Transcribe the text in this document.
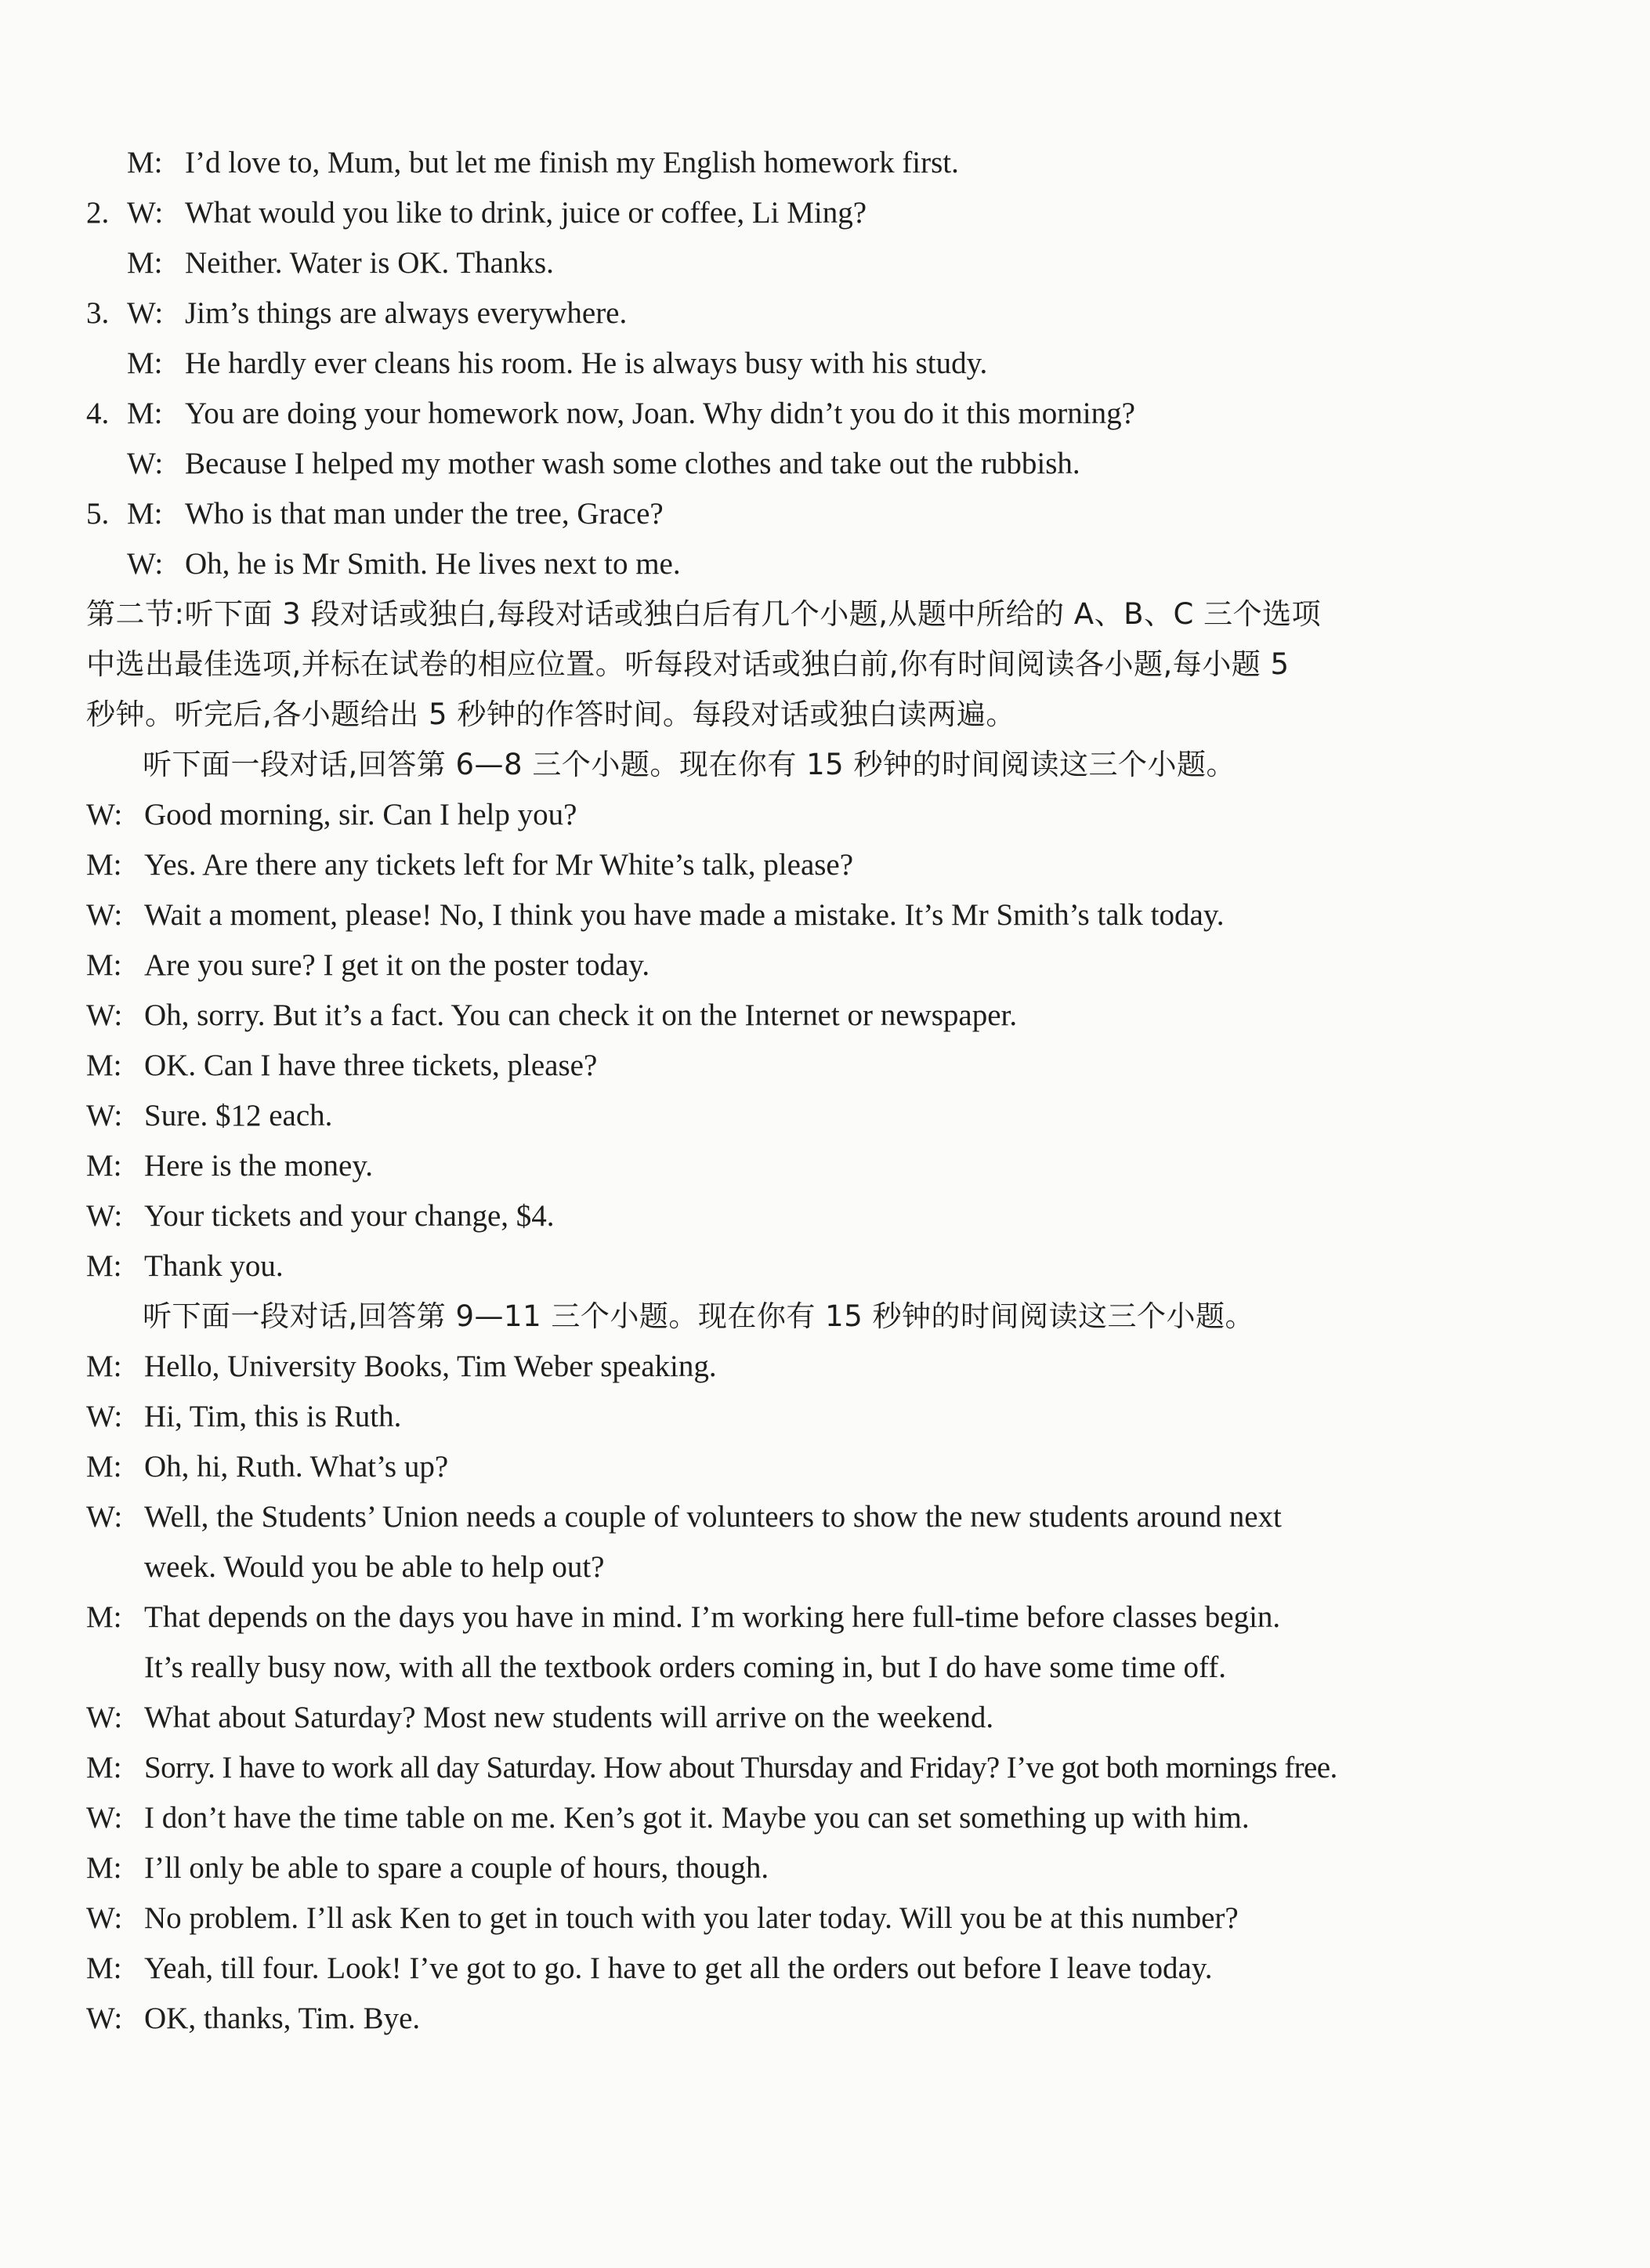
M: I’d love to, Mum, but let me finish my English homework first.
2. W: What would you like to drink, juice or coffee, Li Ming?
M: Neither. Water is OK. Thanks.
3. W: Jim’s things are always everywhere.
M: He hardly ever cleans his room. He is always busy with his study.
4. M: You are doing your homework now, Joan. Why didn’t you do it this morning?
W: Because I helped my mother wash some clothes and take out the rubbish.
5. M: Who is that man under the tree, Grace?
W: Oh, he is Mr Smith. He lives next to me.
第二节:听下面 3 段对话或独白,每段对话或独白后有几个小题,从题中所给的 A、B、C 三个选项
中选出最佳选项,并标在试卷的相应位置。听每段对话或独白前,你有时间阅读各小题,每小题 5
秒钟。听完后,各小题给出 5 秒钟的作答时间。每段对话或独白读两遍。
听下面一段对话,回答第 6—8 三个小题。现在你有 15 秒钟的时间阅读这三个小题。
W: Good morning, sir. Can I help you?
M: Yes. Are there any tickets left for Mr White’s talk, please?
W: Wait a moment, please! No, I think you have made a mistake. It’s Mr Smith’s talk today.
M: Are you sure? I get it on the poster today.
W: Oh, sorry. But it’s a fact. You can check it on the Internet or newspaper.
M: OK. Can I have three tickets, please?
W: Sure. $12 each.
M: Here is the money.
W: Your tickets and your change, $4.
M: Thank you.
听下面一段对话,回答第 9—11 三个小题。现在你有 15 秒钟的时间阅读这三个小题。
M: Hello, University Books, Tim Weber speaking.
W: Hi, Tim, this is Ruth.
M: Oh, hi, Ruth. What’s up?
W: Well, the Students’ Union needs a couple of volunteers to show the new students around next
week. Would you be able to help out?
M: That depends on the days you have in mind. I’m working here full-time before classes begin.
It’s really busy now, with all the textbook orders coming in, but I do have some time off.
W: What about Saturday? Most new students will arrive on the weekend.
M: Sorry. I have to work all day Saturday. How about Thursday and Friday? I’ve got both mornings free.
W: I don’t have the time table on me. Ken’s got it. Maybe you can set something up with him.
M: I’ll only be able to spare a couple of hours, though.
W: No problem. I’ll ask Ken to get in touch with you later today. Will you be at this number?
M: Yeah, till four. Look! I’ve got to go. I have to get all the orders out before I leave today.
W: OK, thanks, Tim. Bye.
